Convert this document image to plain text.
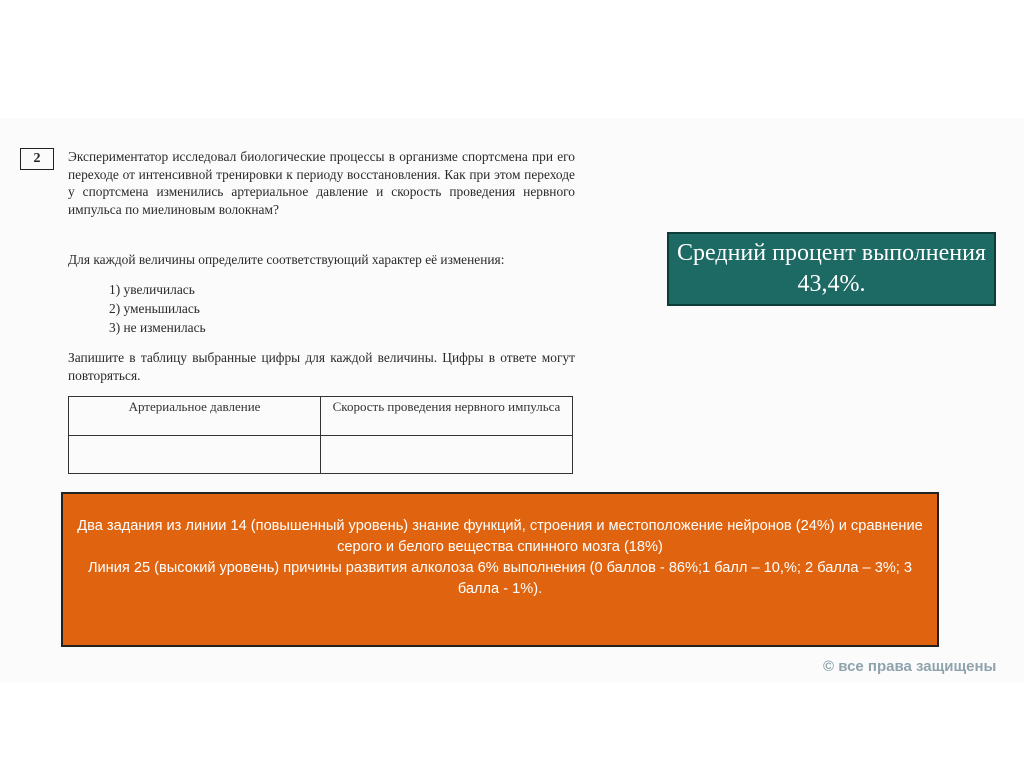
2	Экспериментатор исследовал биологические процессы в организме спортсмена при его переходе от интенсивной тренировки к периоду восстановления. Как при этом переходе у спортсмена изменились артериальное давление и скорость проведения нервного импульса по миелиновым волокнам?
Для каждой величины определите соответствующий характер её изменения:
1) увеличилась
2) уменьшилась
3) не изменилась
Запишите в таблицу выбранные цифры для каждой величины. Цифры в ответе могут повторяться.
Артериальное давление	Скорость проведения нервного импульса

Средний процент выполнения 43,4%.

Два задания из линии 14 (повышенный уровень) знание функций, строения и местоположение нейронов (24%) и сравнение серого и белого вещества спинного мозга (18%)

Линия 25 (высокий уровень) причины развития алколоза 6% выполнения (0 баллов - 86%;1 балл – 10,%; 2 балла – 3%; 3 балла - 1%).

© все права защищены
